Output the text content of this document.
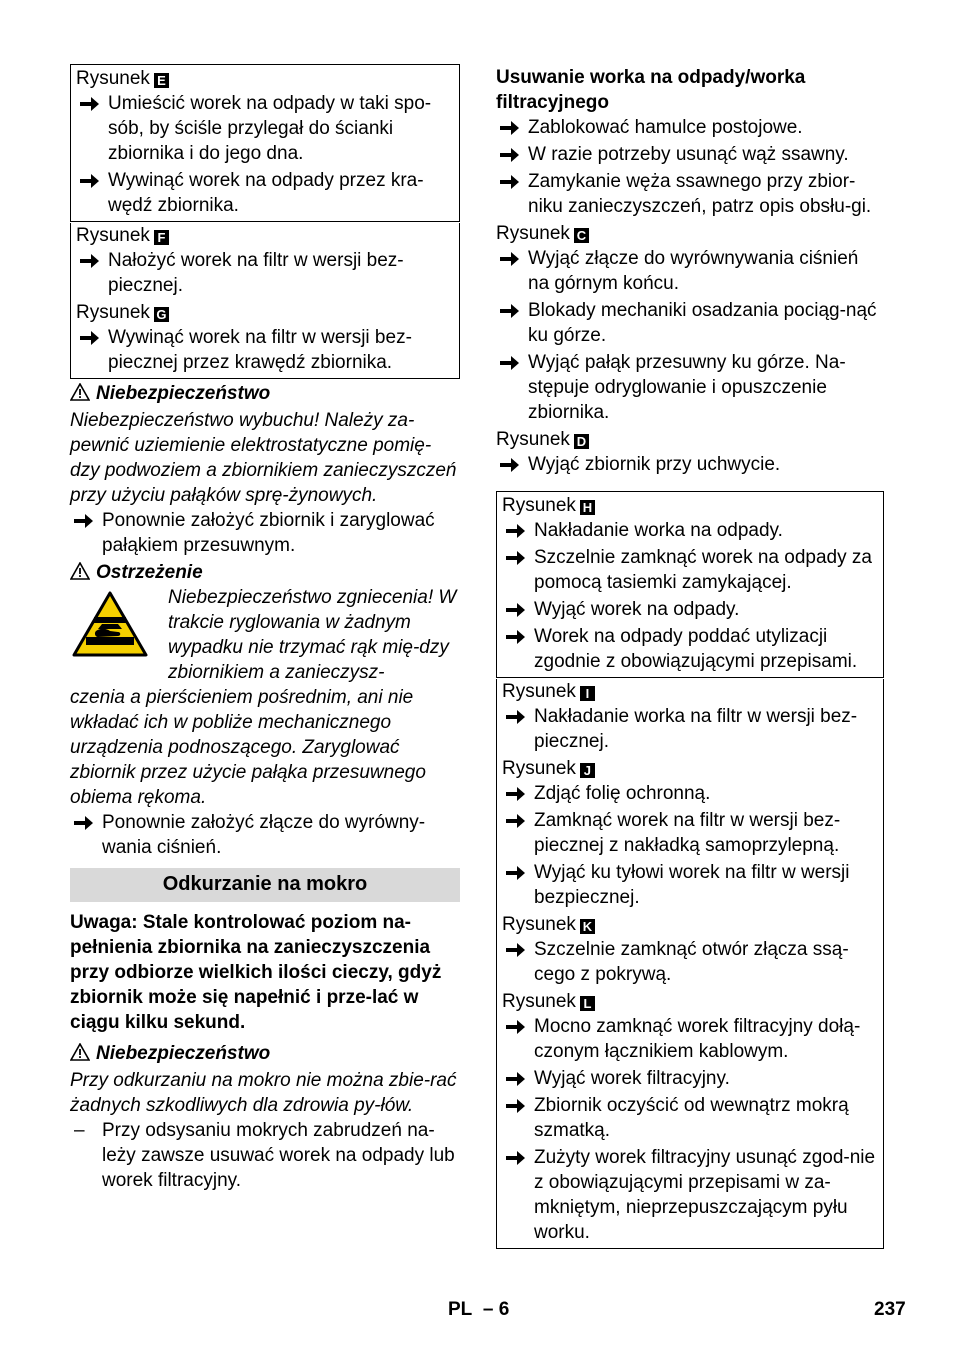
Rysunek E
Umieścić worek na odpady w taki spo-sób, by ściśle przylegał do ścianki zbiornika i do jego dna.
Wywinąć worek na odpady przez kra-wędź zbiornika.
Rysunek F
Nałożyć worek na filtr w wersji bez-piecznej.
Rysunek G
Wywinąć worek na filtr w wersji bez-piecznej przez krawędź zbiornika.
Niebezpieczeństwo
Niebezpieczeństwo wybuchu! Należy za-pewnić uziemienie elektrostatyczne pomię-dzy podwoziem a zbiornikiem zanieczyszczeń przy użyciu pałąków sprę-żynowych.
Ponownie założyć zbiornik i zaryglować pałąkiem przesuwnym.
Ostrzeżenie
Niebezpieczeństwo zgniecenia! W trakcie ryglowania w żadnym wypadku nie trzymać rąk mię-dzy zbiornikiem a zanieczysz-
czenia a pierścieniem pośrednim, ani nie wkładać ich w pobliże mechanicznego urządzenia podnoszącego. Zaryglować zbiornik przez użycie pałąka przesuwnego obiema rękoma.
Ponownie założyć złącze do wyrówny-wania ciśnień.
Odkurzanie na mokro
Uwaga: Stale kontrolować poziom na-pełnienia zbiornika na zanieczyszczenia przy odbiorze wielkich ilości cieczy, gdyż zbiornik może się napełnić i prze-lać w ciągu kilku sekund.
Niebezpieczeństwo
Przy odkurzaniu na mokro nie można zbie-rać żadnych szkodliwych dla zdrowia py-łów.
– Przy odsysaniu mokrych zabrudzeń na-leży zawsze usuwać worek na odpady lub worek filtracyjny.
Usuwanie worka na odpady/worka filtracyjnego
Zablokować hamulce postojowe.
W razie potrzeby usunąć wąż ssawny.
Zamykanie węża ssawnego przy zbior-niku zanieczyszczeń, patrz opis obsłu-gi.
Rysunek C
Wyjąć złącze do wyrównywania ciśnień na górnym końcu.
Blokady mechaniki osadzania pociąg-nąć ku górze.
Wyjąć pałąk przesuwny ku górze. Na-stępuje odryglowanie i opuszczenie zbiornika.
Rysunek D
Wyjąć zbiornik przy uchwycie.
Rysunek H
Nakładanie worka na odpady.
Szczelnie zamknąć worek na odpady za pomocą tasiemki zamykającej.
Wyjąć worek na odpady.
Worek na odpady poddać utylizacji zgodnie z obowiązującymi przepisami.
Rysunek I
Nakładanie worka na filtr w wersji bez-piecznej.
Rysunek J
Zdjąć folię ochronną.
Zamknąć worek na filtr w wersji bez-piecznej z nakładką samoprzylepną.
Wyjąć ku tyłowi worek na filtr w wersji bezpiecznej.
Rysunek K
Szczelnie zamknąć otwór złącza ssą-cego z pokrywą.
Rysunek L
Mocno zamknąć worek filtracyjny dołą-czonym łącznikiem kablowym.
Wyjąć worek filtracyjny.
Zbiornik oczyścić od wewnątrz mokrą szmatką.
Zużyty worek filtracyjny usunąć zgod-nie z obowiązującymi przepisami w za-mkniętym, nieprzepuszczającym pyłu worku.
PL – 6	237
